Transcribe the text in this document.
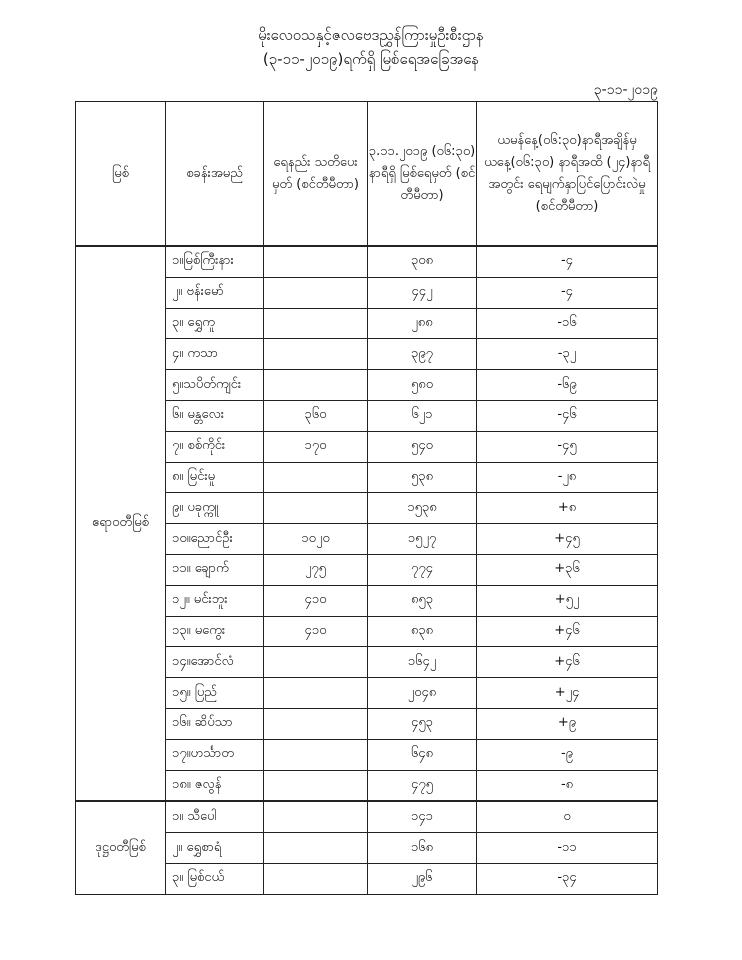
မိုးလေဝသနှင့်ဇလဗေဒညွှန်ကြားမှုဦးစီးဌာန
(၃-၁၁-၂၀၁၉)ရက်ရှိ မြစ်ရေအခြေအနေ
၃-၁၁-၂၀၁၉
မြစ်	စခန်းအမည်	ရေနည်း သတိပေးမှတ် (စင်တီမီတာ)	၃.၁၁.၂၀၁၉ (၀၆:၃၀) နာရီရှိ မြစ်ရေမှတ် (စင်တီမီတာ)	ယမန်နေ့(၀၆:၃၀)နာရီအချိန်မှ ယနေ့(၀၆:၃၀) နာရီအထိ (၂၄)နာရီအတွင်း ရေမျက်နှာပြင်ပြောင်းလဲမှု (စင်တီမီတာ)
ဧရာဝတီမြစ်	၁။မြစ်ကြီးနား		၃၀၈	-၄
	၂။ ဗန်းမော်		၄၄၂	-၄
	၃။ ရွှေကူ		၂၈၈	-၁၆
	၄။ ကသာ		၃၉၇	-၃၂
	၅။သပိတ်ကျင်း		၅၈၀	-၆၉
	၆။ မန္တလေး	၃၆၀	၆၂၁	-၄၆
	၇။ စစ်ကိုင်း	၁၇၀	၅၄၀	-၄၅
	၈။ မြင်းမူ		၅၃၈	-၂၈
	၉။ ပခုက္ကူ		၁၅၃၈	+၈
	၁၀။ညောင်ဦး	၁၀၂၀	၁၅၂၇	+၄၅
	၁၁။ ချောက်	၂၇၅	၇၇၄	+၃၆
	၁၂။ မင်းဘူး	၄၁၀	၈၅၃	+၅၂
	၁၃။ မကွေး	၄၁၀	၈၃၈	+၄၆
	၁၄။အောင်လံ		၁၆၄၂	+၄၆
	၁၅။ ပြည်		၂၀၄၈	+၂၄
	၁၆။ ဆိပ်သာ		၄၅၃	+၉
	၁၇။ဟင်္သာတ		၆၄၈	-၉
	၁၈။ ဇလွန်		၄၇၅	-၈
ဒုဋ္ဌဝတီမြစ်	၁။ သီပေါ		၁၄၁	၀
	၂။ ရွှေစာရံ		၁၆၈	-၁၁
	၃။ မြစ်ငယ်		၂၉၆	-၃၄
